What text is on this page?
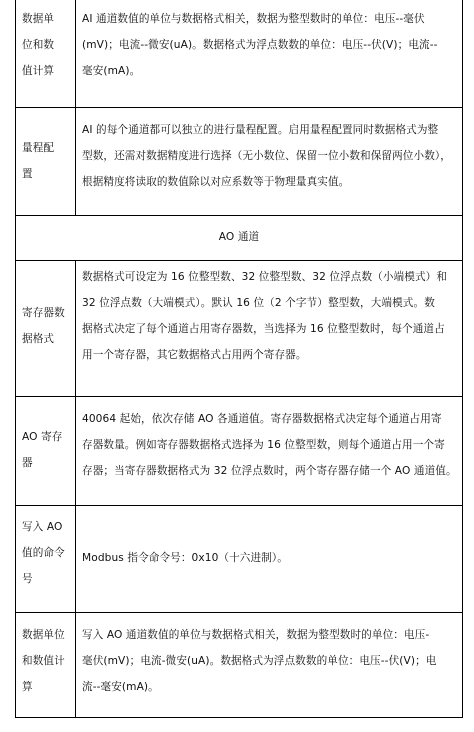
数据单
位和数
值计算
AI 通道数值的单位与数据格式相关，数据为整型数时的单位：电压--毫伏
(mV)；电流--微安(uA)。数据格式为浮点数数的单位：电压--伏(V)；电流--
毫安(mA)。
量程配
置
AI 的每个通道都可以独立的进行量程配置。启用量程配置同时数据格式为整
型数，还需对数据精度进行选择（无小数位、保留一位小数和保留两位小数），
根据精度将读取的数值除以对应系数等于物理量真实值。
AO 通道
寄存器数
据格式
数据格式可设定为 16 位整型数、32 位整型数、32 位浮点数（小端模式）和
32 位浮点数（大端模式）。默认 16 位（2 个字节）整型数，大端模式。数
据格式决定了每个通道占用寄存器数，当选择为 16 位整型数时，每个通道占
用一个寄存器，其它数据格式占用两个寄存器。
AO 寄存
器
40064 起始，依次存储 AO 各通道值。寄存器数据格式决定每个通道占用寄
存器数量。例如寄存器数据格式选择为 16 位整型数，则每个通道占用一个寄
存器；当寄存器数据格式为 32 位浮点数时，两个寄存器存储一个 AO 通道值。
写入 AO
值的命令
号
Modbus 指令命令号：0x10（十六进制）。
数据单位
和数值计
算
写入 AO 通道数值的单位与数据格式相关，数据为整型数时的单位：电压-
毫伏(mV)；电流-微安(uA)。数据格式为浮点数数的单位：电压--伏(V)；电
流--毫安(mA)。
